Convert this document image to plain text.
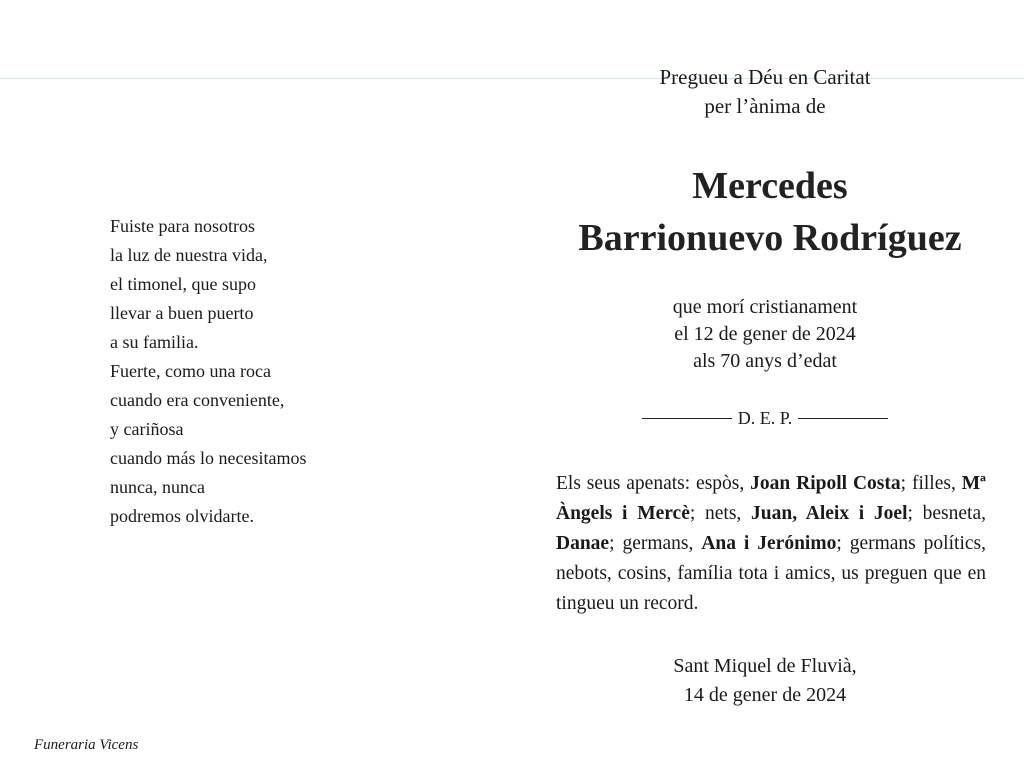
Fuiste para nosotros
la luz de nuestra vida,
el timonel, que supo
llevar a buen puerto
a su familia.
Fuerte, como una roca
cuando era conveniente,
y cariñosa
cuando más lo necesitamos
nunca, nunca
podremos olvidarte.
Pregueu a Déu en Caritat
per l’ànima de
Mercedes
Barrionuevo Rodríguez
que morí cristianament
el 12 de gener de 2024
als 70 anys d’edat
D. E. P.
Els seus apenats: espòs, Joan Ripoll Costa; filles, Mª Àngels i Mercè; nets, Juan, Aleix i Joel; besneta, Danae; germans, Ana i Jerónimo; germans polítics, nebots, cosins, família tota i amics, us preguen que en tingueu un record.
Sant Miquel de Fluvià,
14 de gener de 2024
Funeraria Vicens
